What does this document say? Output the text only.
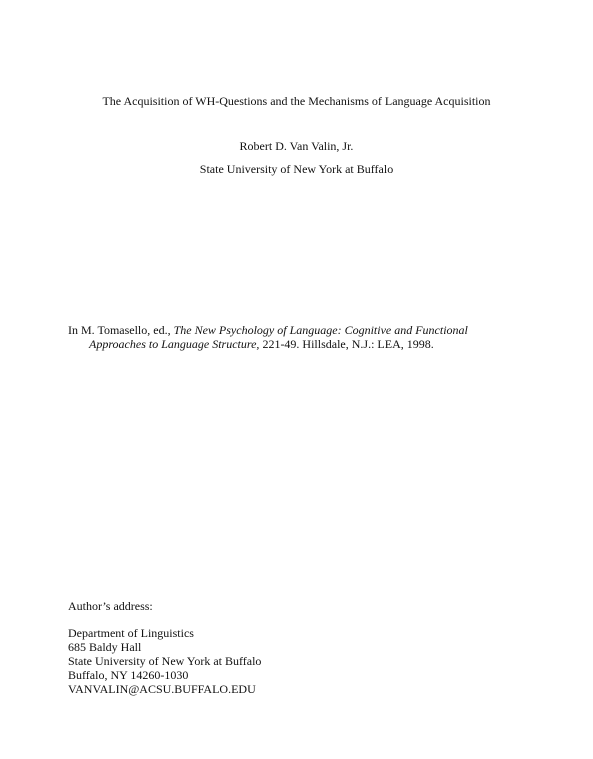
The Acquisition of WH-Questions and the Mechanisms of Language Acquisition
Robert D. Van Valin, Jr.
State University of New York at Buffalo
In M. Tomasello, ed., The New Psychology of Language: Cognitive and Functional
Approaches to Language Structure, 221-49. Hillsdale, N.J.: LEA, 1998.
Author’s address:
Department of Linguistics
685 Baldy Hall
State University of New York at Buffalo
Buffalo, NY 14260-1030
VANVALIN@ACSU.BUFFALO.EDU
